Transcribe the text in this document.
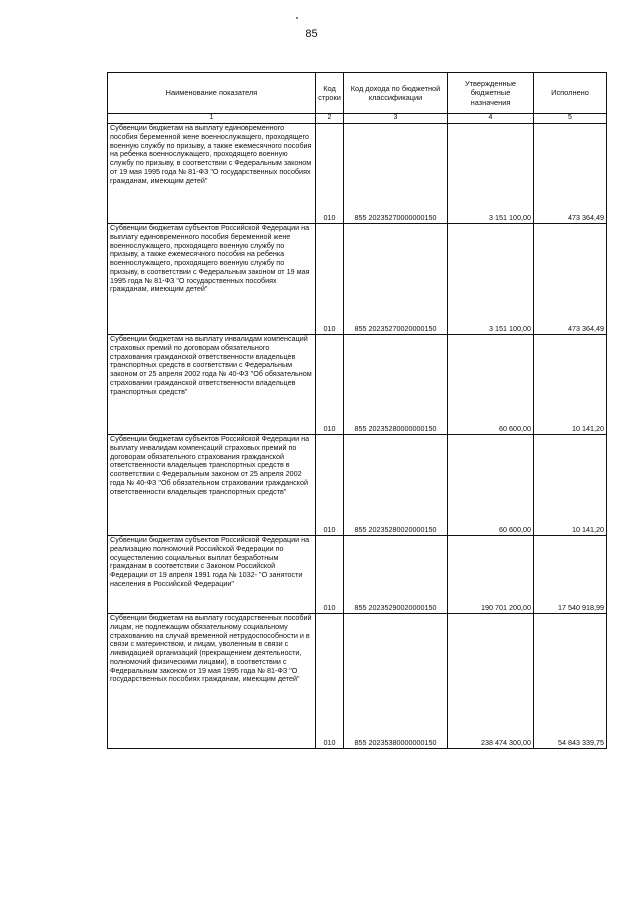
85
Наименование показателя	Код строки	Код дохода по бюджетной классификации	Утвержденные бюджетные назначения	Исполнено
1	2	3	4	5
Субвенции бюджетам на выплату единовременного пособия беременной жене военнослужащего, проходящего военную службу по призыву, а также ежемесячного пособия на ребенка военнослужащего, проходящего военную службу по призыву, в соответствии с Федеральным законом от 19 мая 1995 года № 81-ФЗ "О государственных пособиях гражданам, имеющим детей"	010	855 20235270000000150	3 151 100,00	473 364,49
Субвенции бюджетам субъектов Российской Федерации на выплату единовременного пособия беременной жене военнослужащего, проходящего военную службу по призыву, а также ежемесячного пособия на ребенка военнослужащего, проходящего военную службу по призыву, в соответствии с Федеральным законом от 19 мая 1995 года № 81-ФЗ "О государственных пособиях гражданам, имеющим детей"	010	855 20235270020000150	3 151 100,00	473 364,49
Субвенции бюджетам на выплату инвалидам компенсаций страховых премий по договорам обязательного страхования гражданской ответственности владельцев транспортных средств в соответствии с Федеральным законом от 25 апреля 2002 года № 40-ФЗ "Об обязательном страховании гражданской ответственности владельцев транспортных средств"	010	855 20235280000000150	60 600,00	10 141,20
Субвенции бюджетам субъектов Российской Федерации на выплату инвалидам компенсаций страховых премий по договорам обязательного страхования гражданской ответственности владельцев транспортных средств в соответствии с Федеральным законом от 25 апреля 2002 года № 40-ФЗ "Об обязательном страховании гражданской ответственности владельцев транспортных средств"	010	855 20235280020000150	60 600,00	10 141,20
Субвенции бюджетам субъектов Российской Федерации на реализацию полномочий Российской Федерации по осуществлению социальных выплат безработным гражданам в соответствии с Законом Российской Федерации от 19 апреля 1991 года № 1032- "О занятости населения в Российской Федерации"	010	855 20235290020000150	190 701 200,00	17 540 918,99
Субвенции бюджетам на выплату государственных пособий лицам, не подлежащим обязательному социальному страхованию на случай временной нетрудоспособности и в связи с материнством, и лицам, уволенным в связи с ликвидацией организаций (прекращением деятельности, полномочий физическими лицами), в соответствии с Федеральным законом от 19 мая 1995 года № 81-ФЗ "О государственных пособиях гражданам, имеющим детей"	010	855 20235380000000150	238 474 300,00	54 843 339,75
